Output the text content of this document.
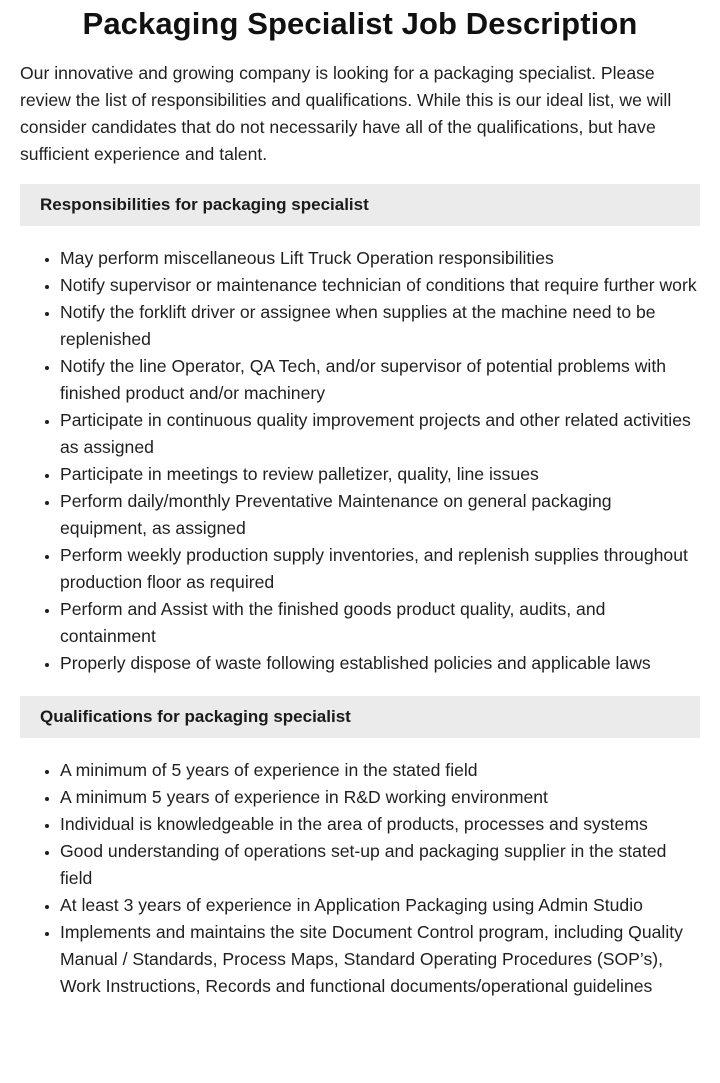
Packaging Specialist Job Description

Our innovative and growing company is looking for a packaging specialist. Please review the list of responsibilities and qualifications. While this is our ideal list, we will consider candidates that do not necessarily have all of the qualifications, but have sufficient experience and talent.

Responsibilities for packaging specialist
• May perform miscellaneous Lift Truck Operation responsibilities
• Notify supervisor or maintenance technician of conditions that require further work
• Notify the forklift driver or assignee when supplies at the machine need to be replenished
• Notify the line Operator, QA Tech, and/or supervisor of potential problems with finished product and/or machinery
• Participate in continuous quality improvement projects and other related activities as assigned
• Participate in meetings to review palletizer, quality, line issues
• Perform daily/monthly Preventative Maintenance on general packaging equipment, as assigned
• Perform weekly production supply inventories, and replenish supplies throughout production floor as required
• Perform and Assist with the finished goods product quality, audits, and containment
• Properly dispose of waste following established policies and applicable laws
Qualifications for packaging specialist
• A minimum of 5 years of experience in the stated field
• A minimum 5 years of experience in R&D working environment
• Individual is knowledgeable in the area of products, processes and systems
• Good understanding of operations set-up and packaging supplier in the stated field
• At least 3 years of experience in Application Packaging using Admin Studio
• Implements and maintains the site Document Control program, including Quality Manual / Standards, Process Maps, Standard Operating Procedures (SOP’s), Work Instructions, Records and functional documents/operational guidelines
